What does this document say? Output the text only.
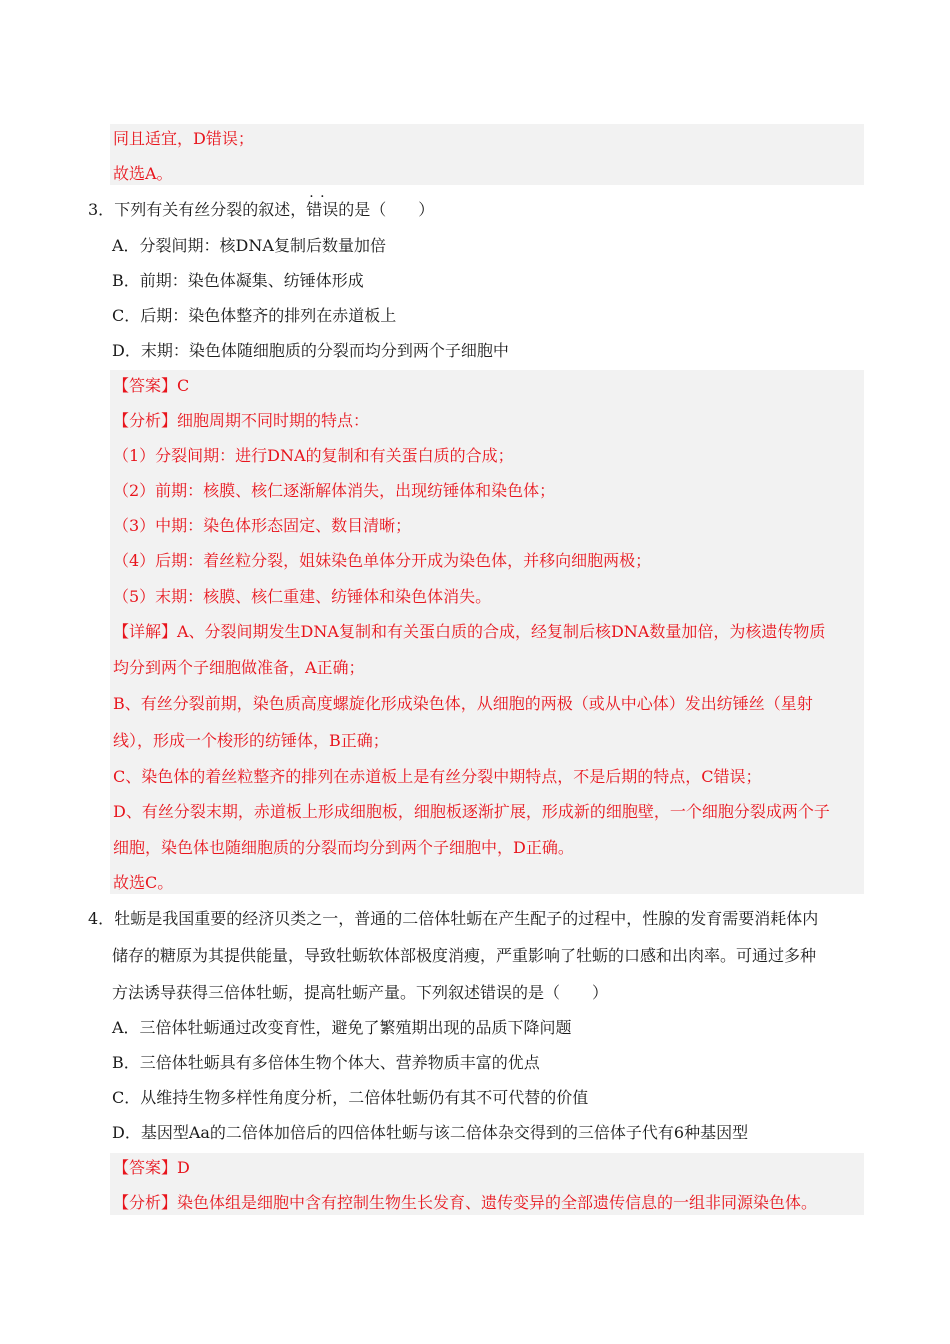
同且适宜，D错误；
故选A。
3．下列有关有丝分裂的叙述，· · 错误的是（　　）
A．分裂间期：核DNA复制后数量加倍
B．前期：染色体凝集、纺锤体形成
C．后期：染色体整齐的排列在赤道板上
D．末期：染色体随细胞质的分裂而均分到两个子细胞中
【答案】C
【分析】细胞周期不同时期的特点：
（1）分裂间期：进行DNA的复制和有关蛋白质的合成；
（2）前期：核膜、核仁逐渐解体消失，出现纺锤体和染色体；
（3）中期：染色体形态固定、数目清晰；
（4）后期：着丝粒分裂，姐妹染色单体分开成为染色体，并移向细胞两极；
（5）末期：核膜、核仁重建、纺锤体和染色体消失。
【详解】A、分裂间期发生DNA复制和有关蛋白质的合成，经复制后核DNA数量加倍，为核遗传物质
均分到两个子细胞做准备，A正确；
B、有丝分裂前期，染色质高度螺旋化形成染色体，从细胞的两极（或从中心体）发出纺锤丝（星射
线），形成一个梭形的纺锤体，B正确；
C、染色体的着丝粒整齐的排列在赤道板上是有丝分裂中期特点，不是后期的特点，C错误；
D、有丝分裂末期，赤道板上形成细胞板，细胞板逐渐扩展，形成新的细胞壁，一个细胞分裂成两个子
细胞，染色体也随细胞质的分裂而均分到两个子细胞中，D正确。
故选C。
4．牡蛎是我国重要的经济贝类之一，普通的二倍体牡蛎在产生配子的过程中，性腺的发育需要消耗体内
储存的糖原为其提供能量，导致牡蛎软体部极度消瘦，严重影响了牡蛎的口感和出肉率。可通过多种
方法诱导获得三倍体牡蛎，提高牡蛎产量。下列叙述错误的是（　　）
A．三倍体牡蛎通过改变育性，避免了繁殖期出现的品质下降问题
B．三倍体牡蛎具有多倍体生物个体大、营养物质丰富的优点
C．从维持生物多样性角度分析，二倍体牡蛎仍有其不可代替的价值
D．基因型Aa的二倍体加倍后的四倍体牡蛎与该二倍体杂交得到的三倍体子代有6种基因型
【答案】D
【分析】染色体组是细胞中含有控制生物生长发育、遗传变异的全部遗传信息的一组非同源染色体。
